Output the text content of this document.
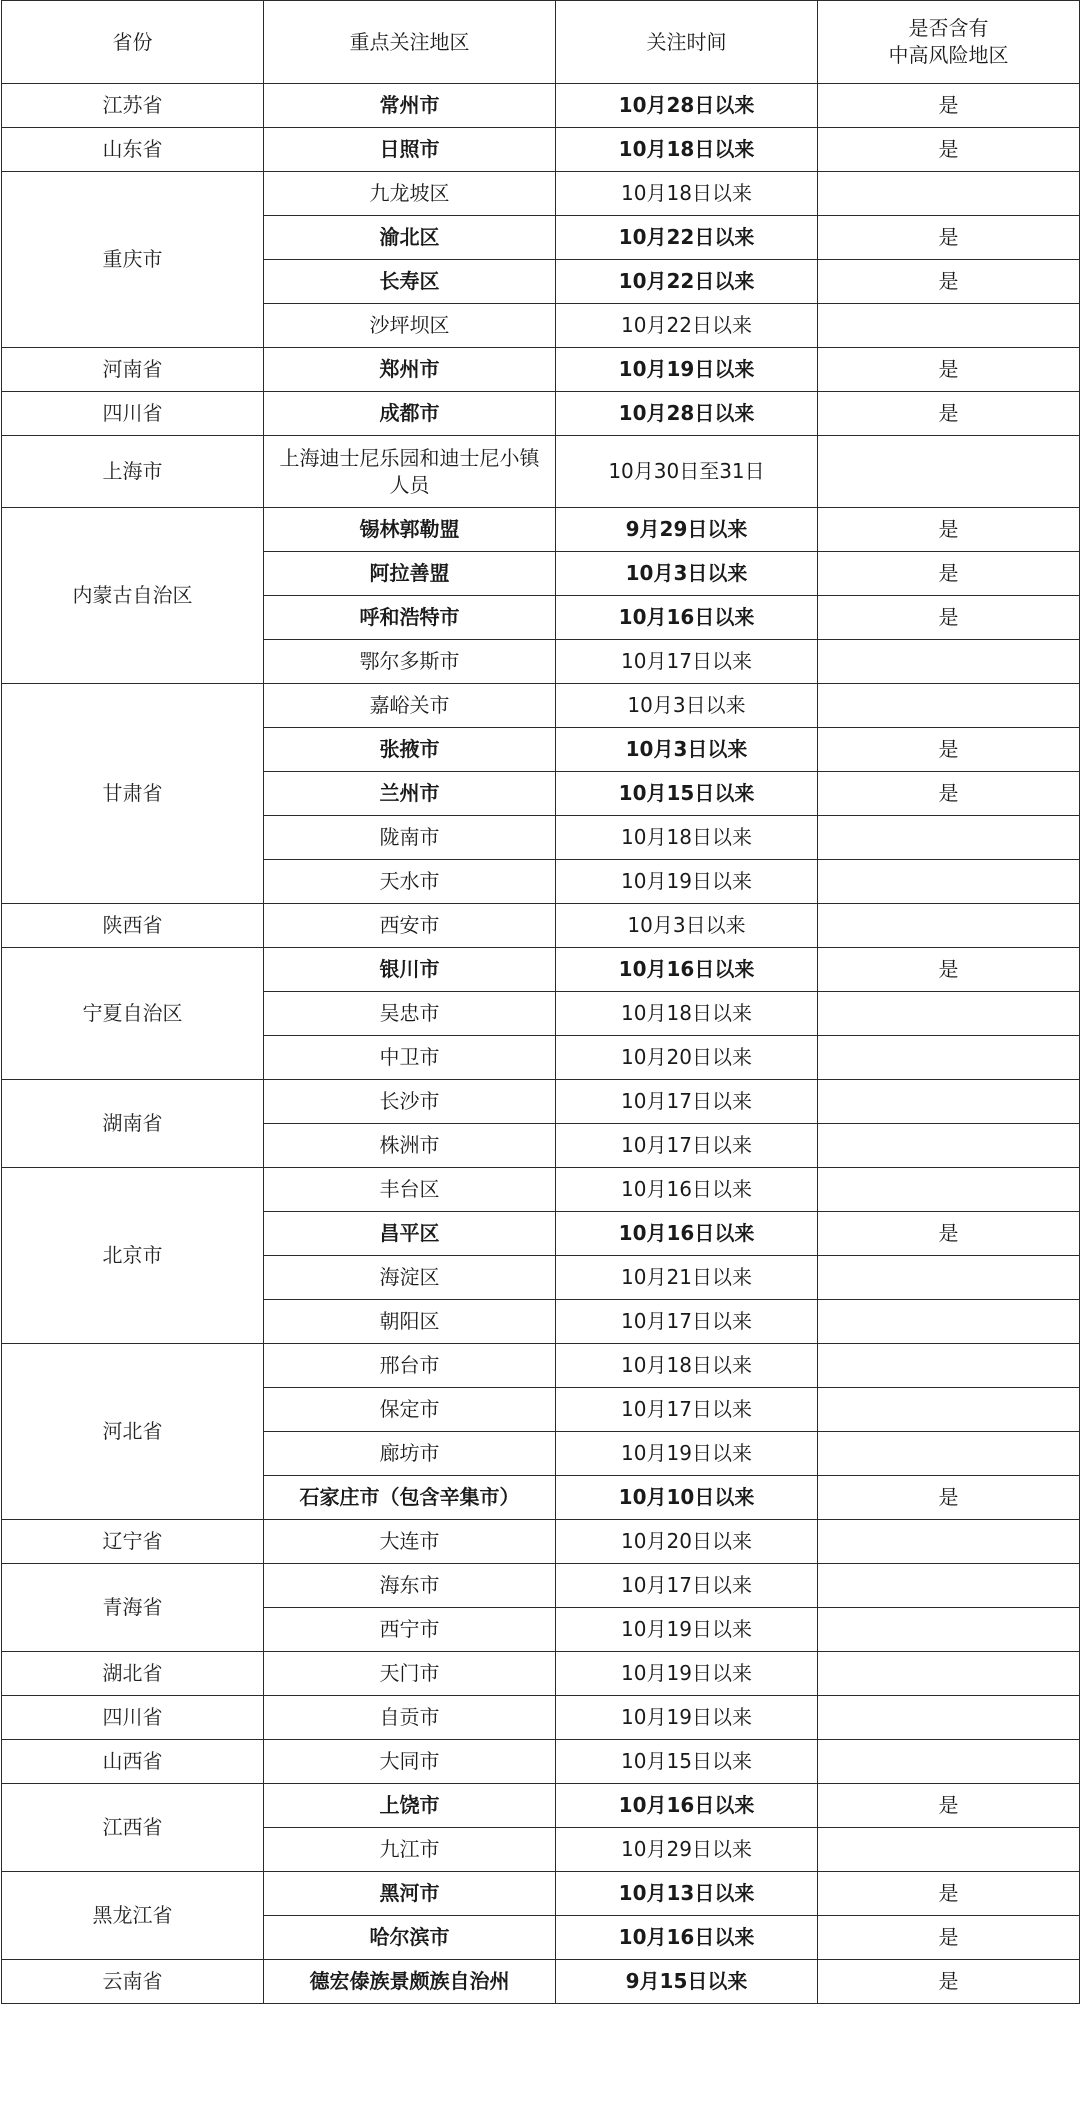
省份	重点关注地区	关注时间	是否含有
中高风险地区

江苏省	常州市	10月28日以来	是
山东省	日照市	10月18日以来	是
重庆市	九龙坡区	10月18日以来	
	渝北区	10月22日以来	是
	长寿区	10月22日以来	是
	沙坪坝区	10月22日以来	
河南省	郑州市	10月19日以来	是
四川省	成都市	10月28日以来	是
上海市	上海迪士尼乐园和迪士尼小镇人员	10月30日至31日	
内蒙古自治区	锡林郭勒盟	9月29日以来	是
	阿拉善盟	10月3日以来	是
	呼和浩特市	10月16日以来	是
	鄂尔多斯市	10月17日以来	
甘肃省	嘉峪关市	10月3日以来	
	张掖市	10月3日以来	是
	兰州市	10月15日以来	是
	陇南市	10月18日以来	
	天水市	10月19日以来	
陕西省	西安市	10月3日以来	
宁夏自治区	银川市	10月16日以来	是
	吴忠市	10月18日以来	
	中卫市	10月20日以来	
湖南省	长沙市	10月17日以来	
	株洲市	10月17日以来	
北京市	丰台区	10月16日以来	
	昌平区	10月16日以来	是
	海淀区	10月21日以来	
	朝阳区	10月17日以来	
河北省	邢台市	10月18日以来	
	保定市	10月17日以来	
	廊坊市	10月19日以来	
	石家庄市（包含辛集市）	10月10日以来	是
辽宁省	大连市	10月20日以来	
青海省	海东市	10月17日以来	
	西宁市	10月19日以来	
湖北省	天门市	10月19日以来	
四川省	自贡市	10月19日以来	
山西省	大同市	10月15日以来	
江西省	上饶市	10月16日以来	是
	九江市	10月29日以来	
黑龙江省	黑河市	10月13日以来	是
	哈尔滨市	10月16日以来	是
云南省	德宏傣族景颇族自治州	9月15日以来	是
